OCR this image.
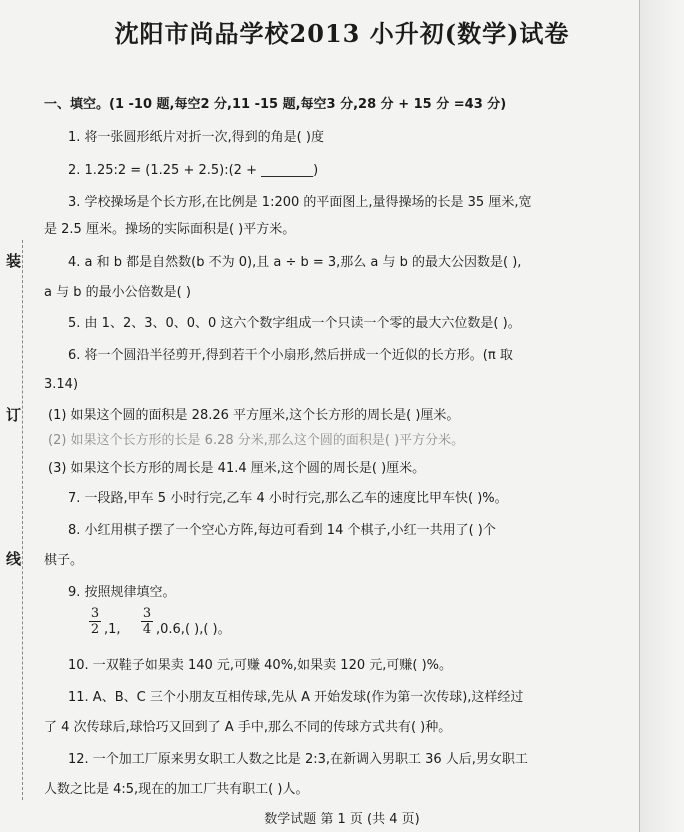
沈阳市尚品学校2013 小升初(数学)试卷
装
订
线
一、填空。(1 -10 题,每空2 分,11 -15 题,每空3 分,28 分 + 15 分 =43 分)
1. 将一张圆形纸片对折一次,得到的角是( )度
2. 1.25:2 = (1.25 + 2.5):(2 + ________)
3. 学校操场是个长方形,在比例是 1:200 的平面图上,量得操场的长是 35 厘米,宽
是 2.5 厘米。操场的实际面积是( )平方米。
4. a 和 b 都是自然数(b 不为 0),且 a ÷ b = 3,那么 a 与 b 的最大公因数是( ),
a 与 b 的最小公倍数是( )
5. 由 1、2、3、0、0、0 这六个数字组成一个只读一个零的最大六位数是( )。
6. 将一个圆沿半径剪开,得到若干个小扇形,然后拼成一个近似的长方形。(π 取
3.14)
(1) 如果这个圆的面积是 28.26 平方厘米,这个长方形的周长是( )厘米。
(2) 如果这个长方形的长是 6.28 分米,那么这个圆的面积是( )平方分米。
(3) 如果这个长方形的周长是 41.4 厘米,这个圆的周长是( )厘米。
7. 一段路,甲车 5 小时行完,乙车 4 小时行完,那么乙车的速度比甲车快( )%。
8. 小红用棋子摆了一个空心方阵,每边可看到 14 个棋子,小红一共用了( )个
棋子。
9. 按照规律填空。
3
2 ,1,
3
4 ,0.6,( ),( )。
10. 一双鞋子如果卖 140 元,可赚 40%,如果卖 120 元,可赚( )%。
11. A、B、C 三个小朋友互相传球,先从 A 开始发球(作为第一次传球),这样经过
了 4 次传球后,球恰巧又回到了 A 手中,那么不同的传球方式共有( )种。
12. 一个加工厂原来男女职工人数之比是 2:3,在新调入男职工 36 人后,男女职工
人数之比是 4:5,现在的加工厂共有职工( )人。
数学试题 第 1 页 (共 4 页)
